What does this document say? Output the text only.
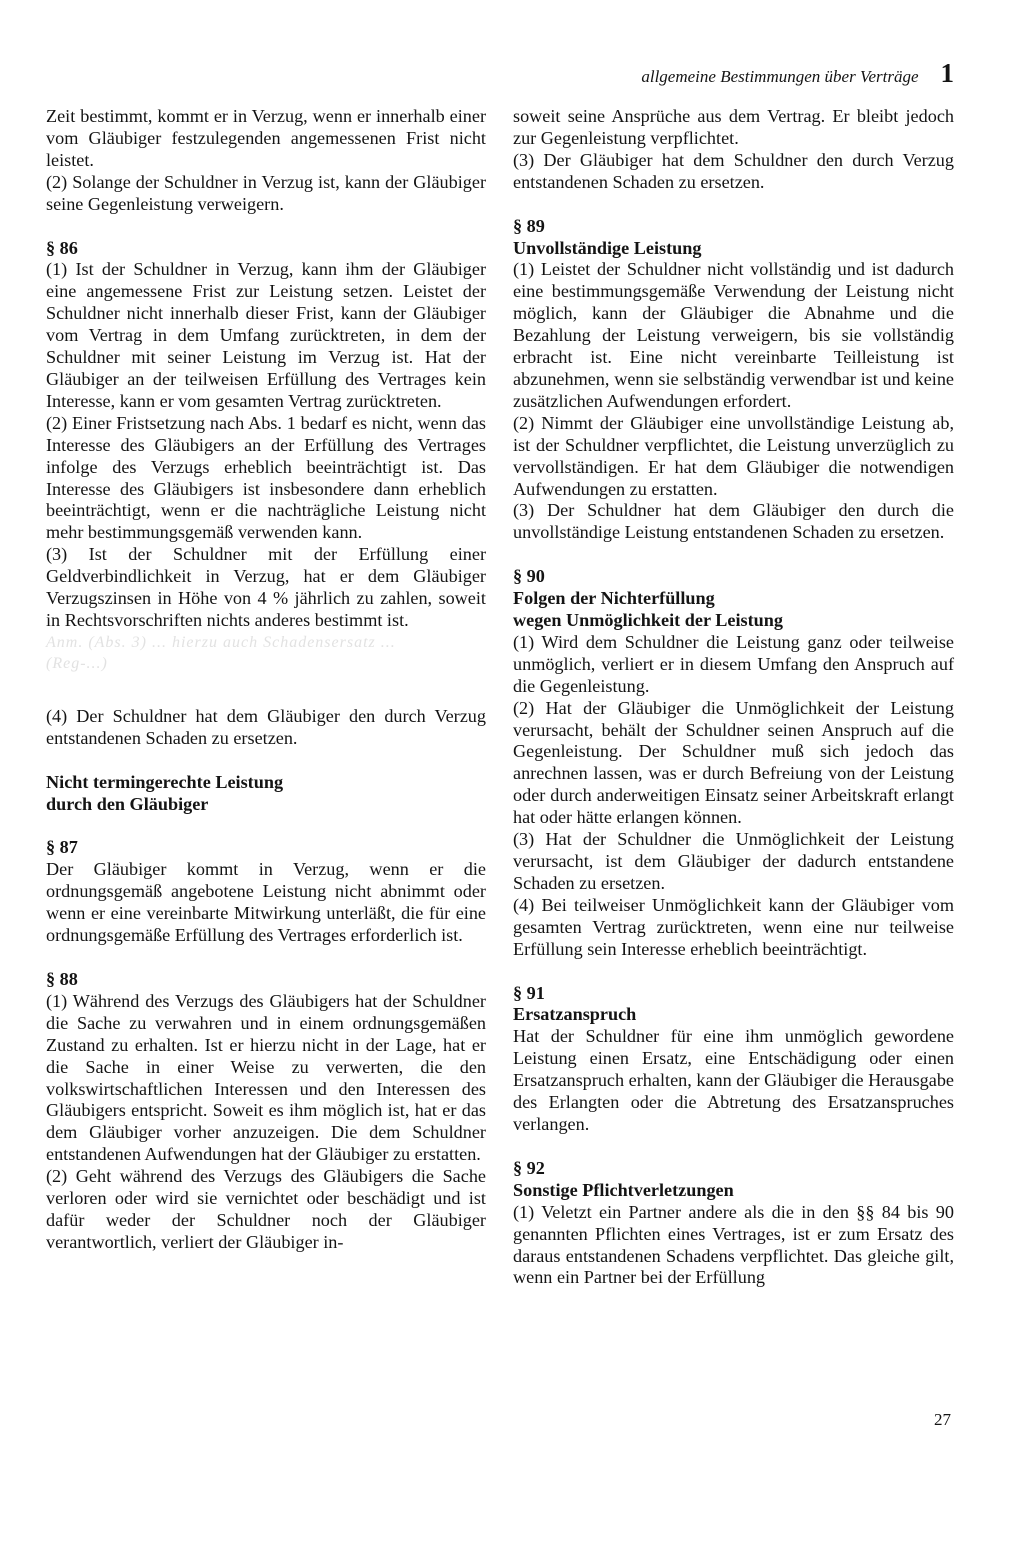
allgemeine Bestimmungen über Verträge 1

Zeit bestimmt, kommt er in Verzug, wenn er innerhalb einer vom Gläubiger festzulegenden angemessenen Frist nicht leistet.

(2) Solange der Schuldner in Verzug ist, kann der Gläubiger seine Gegenleistung verweigern.

§ 86

(1) Ist der Schuldner in Verzug, kann ihm der Gläubiger eine angemessene Frist zur Leistung setzen. Leistet der Schuldner nicht innerhalb dieser Frist, kann der Gläubiger vom Vertrag in dem Umfang zurücktreten, in dem der Schuldner mit seiner Leistung im Verzug ist. Hat der Gläubiger an der teilweisen Erfüllung des Vertrages kein Interesse, kann er vom gesamten Vertrag zurücktreten.

(2) Einer Fristsetzung nach Abs. 1 bedarf es nicht, wenn das Interesse des Gläubigers an der Erfüllung des Vertrages infolge des Verzugs erheblich beeinträchtigt ist. Das Interesse des Gläubigers ist insbesondere dann erheblich beeinträchtigt, wenn er die nachträgliche Leistung nicht mehr bestimmungsgemäß verwenden kann.

(3) Ist der Schuldner mit der Erfüllung einer Geldverbindlichkeit in Verzug, hat er dem Gläubiger Verzugszinsen in Höhe von 4 % jährlich zu zahlen, soweit in Rechtsvorschriften nichts anderes bestimmt ist.

Anm. (Abs. 3) ... hierzu auch Schadensersatz ...

(Reg-...)

(4) Der Schuldner hat dem Gläubiger den durch Verzug entstandenen Schaden zu ersetzen.

Nicht termingerechte Leistung

durch den Gläubiger

§ 87

Der Gläubiger kommt in Verzug, wenn er die ordnungsgemäß angebotene Leistung nicht abnimmt oder wenn er eine vereinbarte Mitwirkung unterläßt, die für eine ordnungsgemäße Erfüllung des Vertrages erforderlich ist.

§ 88

(1) Während des Verzugs des Gläubigers hat der Schuldner die Sache zu verwahren und in einem ordnungsgemäßen Zustand zu erhalten. Ist er hierzu nicht in der Lage, hat er die Sache in einer Weise zu verwerten, die den volkswirtschaftlichen Interessen und den Interessen des Gläubigers entspricht. Soweit es ihm möglich ist, hat er das dem Gläubiger vorher anzuzeigen. Die dem Schuldner entstandenen Aufwendungen hat der Gläubiger zu erstatten.

(2) Geht während des Verzugs des Gläubigers die Sache verloren oder wird sie vernichtet oder beschädigt und ist dafür weder der Schuldner noch der Gläubiger verantwortlich, verliert der Gläubiger in-

soweit seine Ansprüche aus dem Vertrag. Er bleibt jedoch zur Gegenleistung verpflichtet.

(3) Der Gläubiger hat dem Schuldner den durch Verzug entstandenen Schaden zu ersetzen.

§ 89

Unvollständige Leistung

(1) Leistet der Schuldner nicht vollständig und ist dadurch eine bestimmungsgemäße Verwendung der Leistung nicht möglich, kann der Gläubiger die Abnahme und die Bezahlung der Leistung verweigern, bis sie vollständig erbracht ist. Eine nicht vereinbarte Teilleistung ist abzunehmen, wenn sie selbständig verwendbar ist und keine zusätzlichen Aufwendungen erfordert.

(2) Nimmt der Gläubiger eine unvollständige Leistung ab, ist der Schuldner verpflichtet, die Leistung unverzüglich zu vervollständigen. Er hat dem Gläubiger die notwendigen Aufwendungen zu erstatten.

(3) Der Schuldner hat dem Gläubiger den durch die unvollständige Leistung entstandenen Schaden zu ersetzen.

§ 90

Folgen der Nichterfüllung

wegen Unmöglichkeit der Leistung

(1) Wird dem Schuldner die Leistung ganz oder teilweise unmöglich, verliert er in diesem Umfang den Anspruch auf die Gegenleistung.

(2) Hat der Gläubiger die Unmöglichkeit der Leistung verursacht, behält der Schuldner seinen Anspruch auf die Gegenleistung. Der Schuldner muß sich jedoch das anrechnen lassen, was er durch Befreiung von der Leistung oder durch anderweitigen Einsatz seiner Arbeitskraft erlangt hat oder hätte erlangen können.

(3) Hat der Schuldner die Unmöglichkeit der Leistung verursacht, ist dem Gläubiger der dadurch entstandene Schaden zu ersetzen.

(4) Bei teilweiser Unmöglichkeit kann der Gläubiger vom gesamten Vertrag zurücktreten, wenn eine nur teilweise Erfüllung sein Interesse erheblich beeinträchtigt.

§ 91

Ersatzanspruch

Hat der Schuldner für eine ihm unmöglich gewordene Leistung einen Ersatz, eine Entschädigung oder einen Ersatzanspruch erhalten, kann der Gläubiger die Herausgabe des Erlangten oder die Abtretung des Ersatzanspruches verlangen.

§ 92

Sonstige Pflichtverletzungen

(1) Veletzt ein Partner andere als die in den §§ 84 bis 90 genannten Pflichten eines Vertrages, ist er zum Ersatz des daraus entstandenen Schadens verpflichtet. Das gleiche gilt, wenn ein Partner bei der Erfüllung

27
